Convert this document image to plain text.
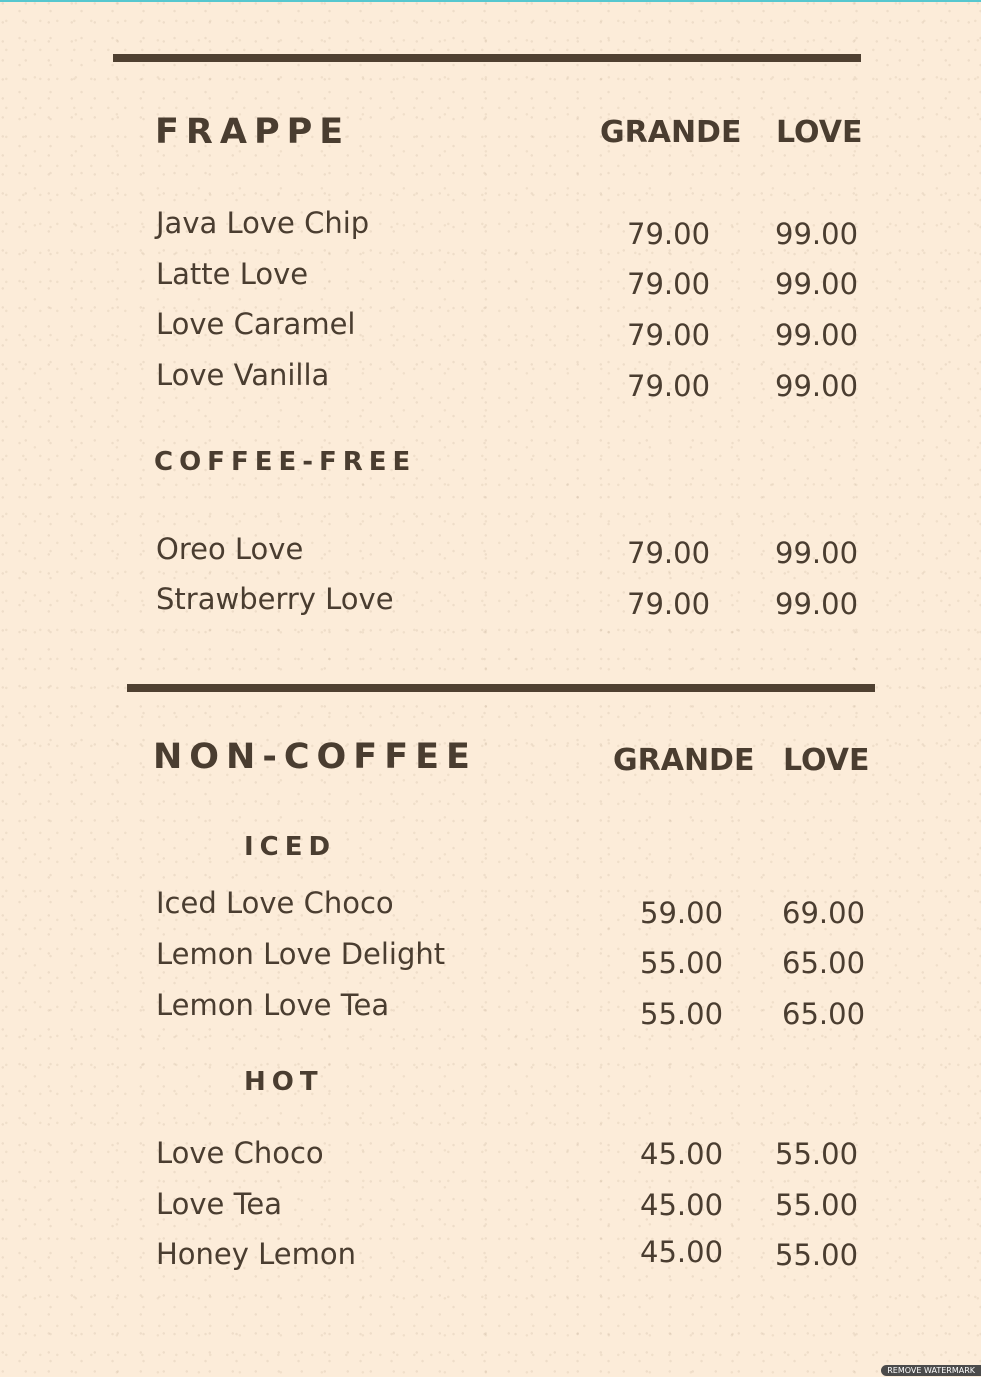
FRAPPE	GRANDE LOVE
Java Love Chip	79.00 99.00
Latte Love	79.00 99.00
Love Caramel	79.00 99.00
Love Vanilla	79.00 99.00
COFFEE-FREE
Oreo Love	79.00 99.00
Strawberry Love	79.00 99.00
NON-COFFEE	GRANDE LOVE
ICED
Iced Love Choco	59.00 69.00
Lemon Love Delight	55.00 65.00
Lemon Love Tea	55.00 65.00
HOT
Love Choco	45.00 55.00
Love Tea	45.00 55.00
Honey Lemon	45.00 55.00
REMOVE WATERMARK
